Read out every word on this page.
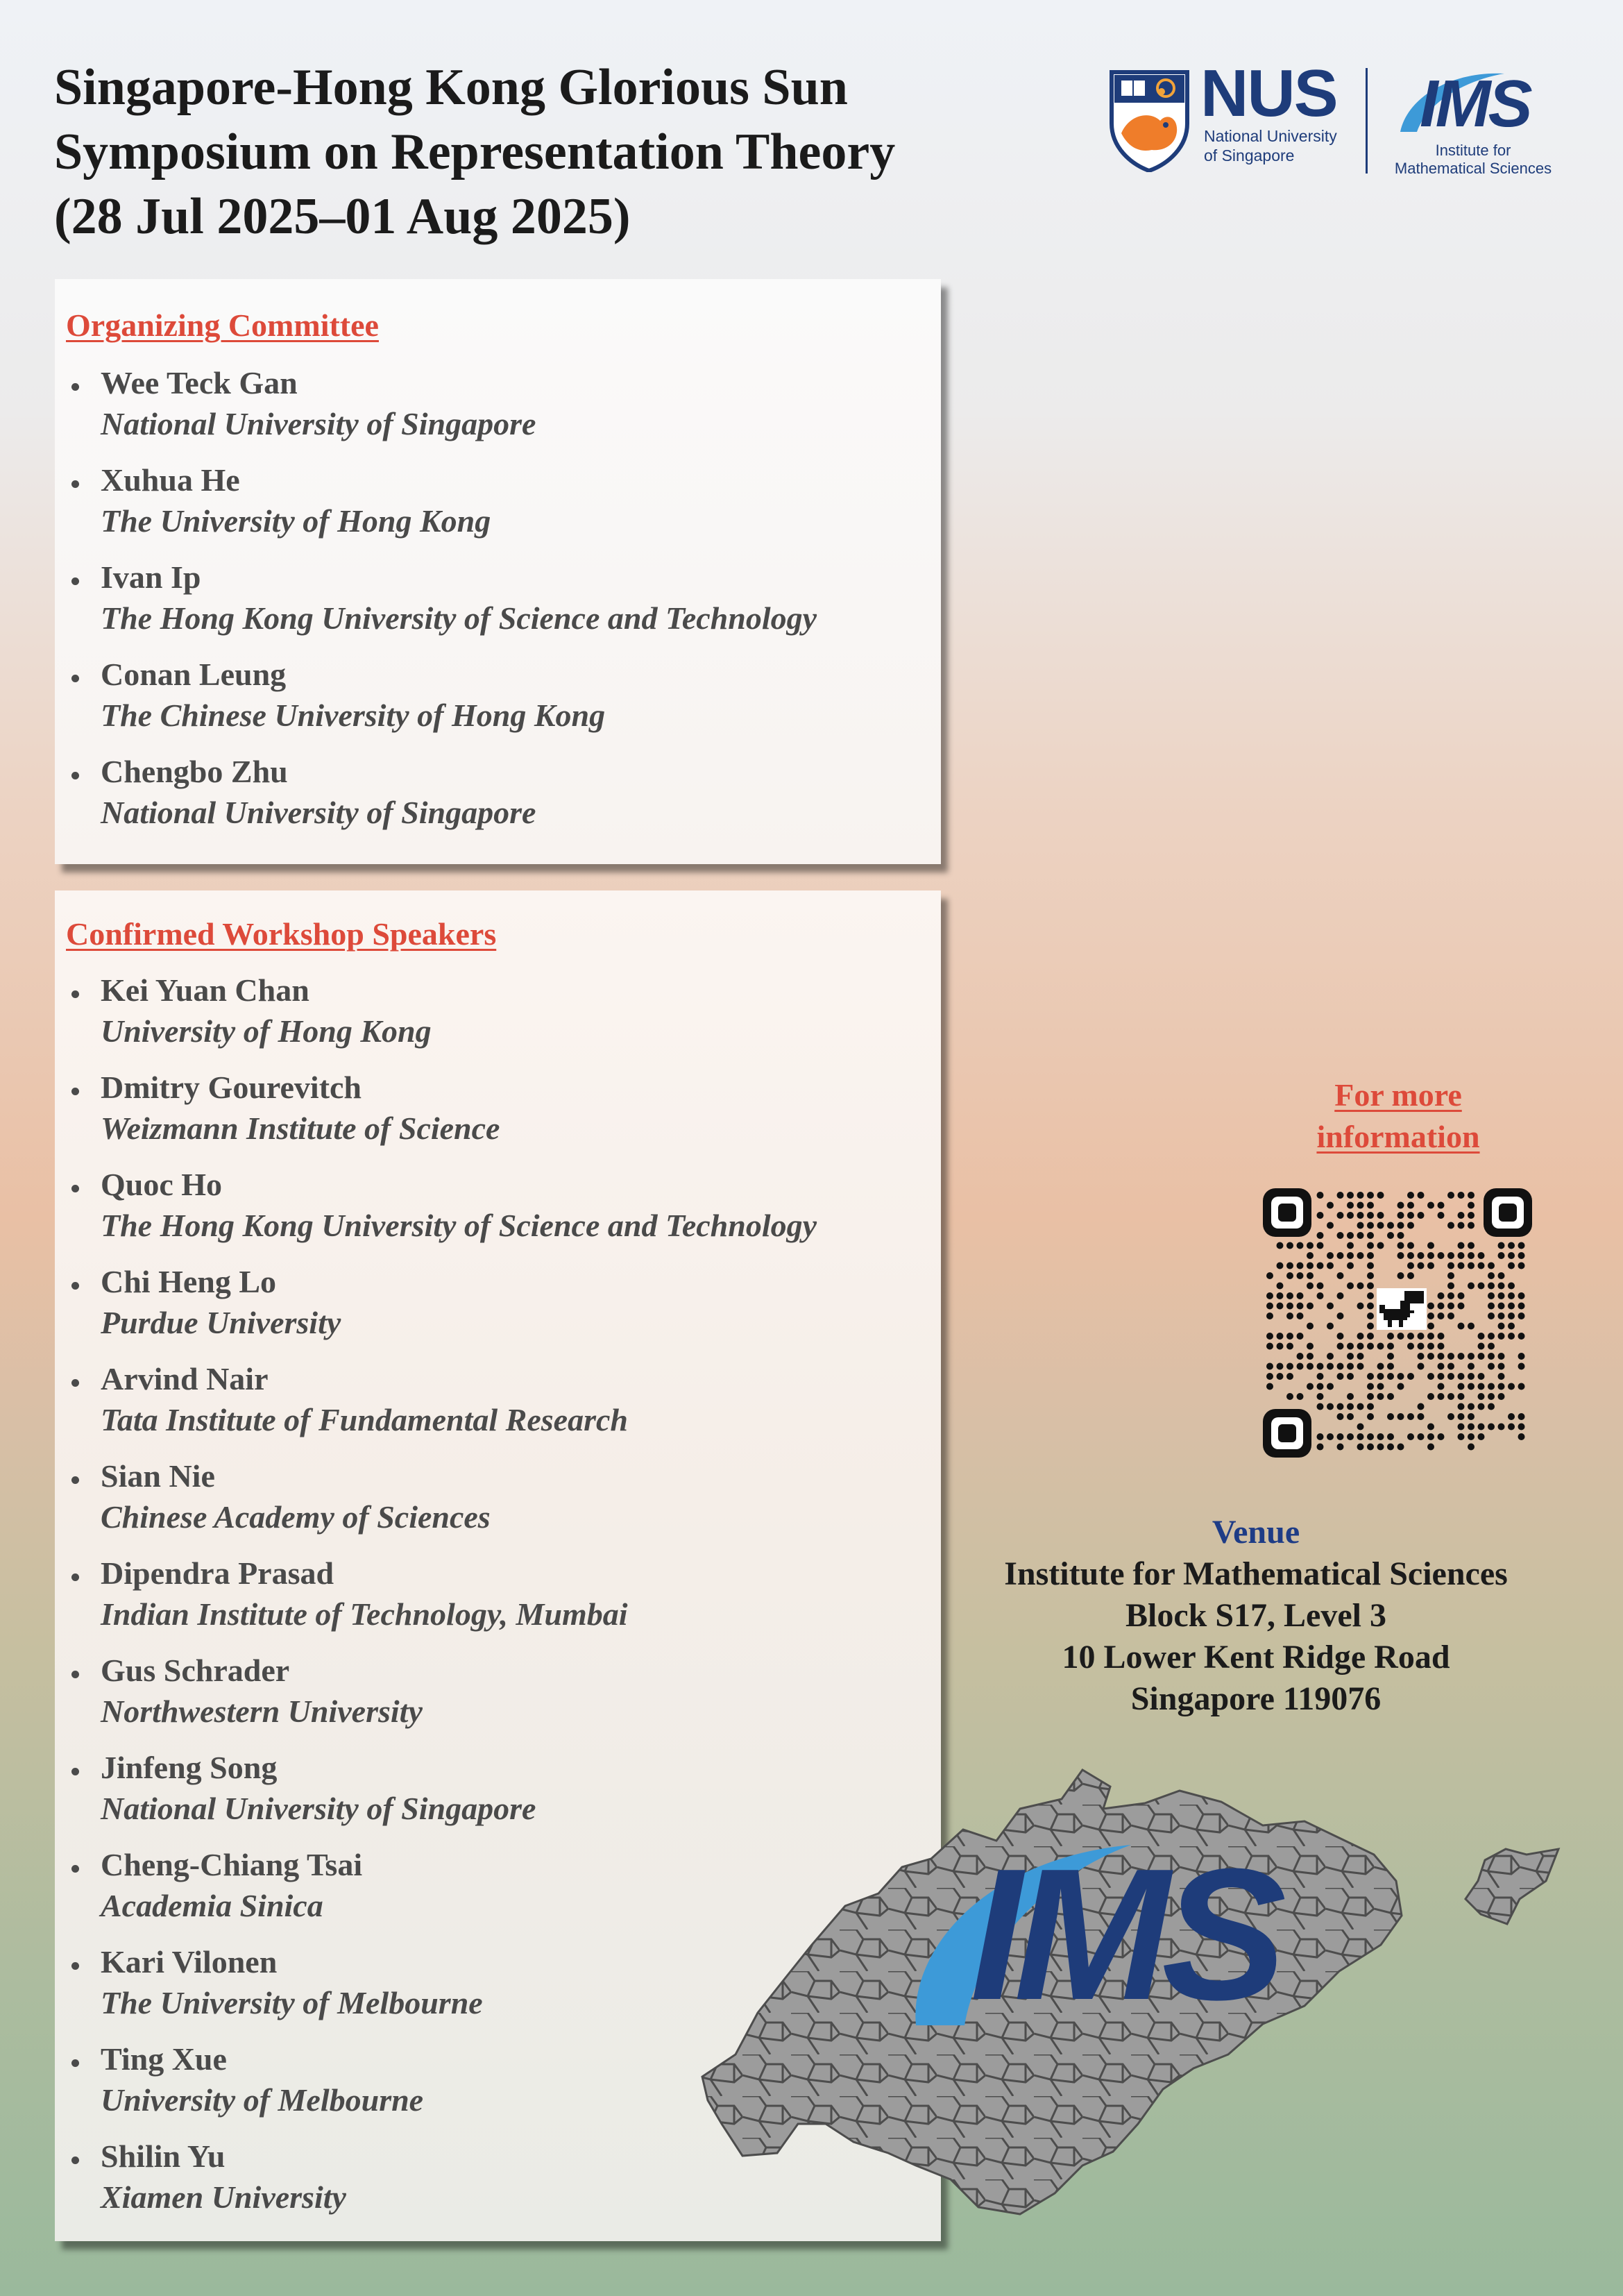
Singapore-Hong Kong Glorious Sun
Symposium on Representation Theory
(28 Jul 2025–01 Aug 2025)
NUS
National University
of Singapore
IMS
Institute for
Mathematical Sciences
Organizing Committee
Wee Teck Gan
National University of Singapore
Xuhua He
The University of Hong Kong
Ivan Ip
The Hong Kong University of Science and Technology
Conan Leung
The Chinese University of Hong Kong
Chengbo Zhu
National University of Singapore
Confirmed Workshop Speakers
Kei Yuan Chan
University of Hong Kong
Dmitry Gourevitch
Weizmann Institute of Science
Quoc Ho
The Hong Kong University of Science and Technology
Chi Heng Lo
Purdue University
Arvind Nair
Tata Institute of Fundamental Research
Sian Nie
Chinese Academy of Sciences
Dipendra Prasad
Indian Institute of Technology, Mumbai
Gus Schrader
Northwestern University
Jinfeng Song
National University of Singapore
Cheng-Chiang Tsai
Academia Sinica
Kari Vilonen
The University of Melbourne
Ting Xue
University of Melbourne
Shilin Yu
Xiamen University
For more
information
Venue
Institute for Mathematical Sciences
Block S17, Level 3
10 Lower Kent Ridge Road
Singapore 119076
IMS
